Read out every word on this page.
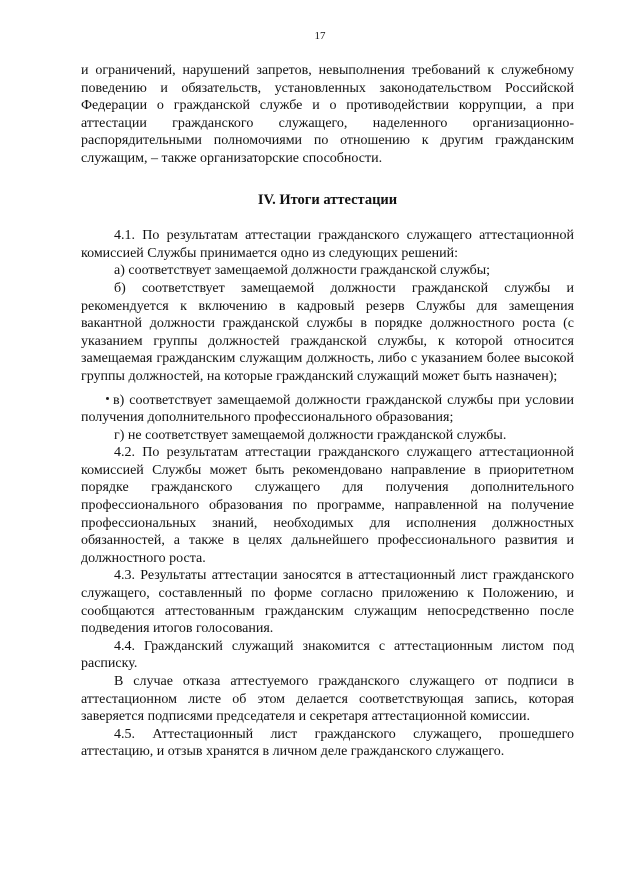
17

и ограничений, нарушений запретов, невыполнения требований к служебному поведению и обязательств, установленных законодательством Российской Федерации о гражданской службе и о противодействии коррупции, а при аттестации гражданского служащего, наделенного организационно-распорядительными полномочиями по отношению к другим гражданским служащим, – также организаторские способности.

IV. Итоги аттестации

4.1. По результатам аттестации гражданского служащего аттестационной комиссией Службы принимается одно из следующих решений:

а) соответствует замещаемой должности гражданской службы;

б) соответствует замещаемой должности гражданской службы и рекомендуется к включению в кадровый резерв Службы для замещения вакантной должности гражданской службы в порядке должностного роста (с указанием группы должностей гражданской службы, к которой относится замещаемая гражданским служащим должность, либо с указанием более высокой группы должностей, на которые гражданский служащий может быть назначен);

в) соответствует замещаемой должности гражданской службы при условии получения дополнительного профессионального образования;

г) не соответствует замещаемой должности гражданской службы.

4.2. По результатам аттестации гражданского служащего аттестационной комиссией Службы может быть рекомендовано направление в приоритетном порядке гражданского служащего для получения дополнительного профессионального образования по программе, направленной на получение профессиональных знаний, необходимых для исполнения должностных обязанностей, а также в целях дальнейшего профессионального развития и должностного роста.

4.3. Результаты аттестации заносятся в аттестационный лист гражданского служащего, составленный по форме согласно приложению к Положению, и сообщаются аттестованным гражданским служащим непосредственно после подведения итогов голосования.

4.4. Гражданский служащий знакомится с аттестационным листом под расписку.

В случае отказа аттестуемого гражданского служащего от подписи в аттестационном листе об этом делается соответствующая запись, которая заверяется подписями председателя и секретаря аттестационной комиссии.

4.5. Аттестационный лист гражданского служащего, прошедшего аттестацию, и отзыв хранятся в личном деле гражданского служащего.
